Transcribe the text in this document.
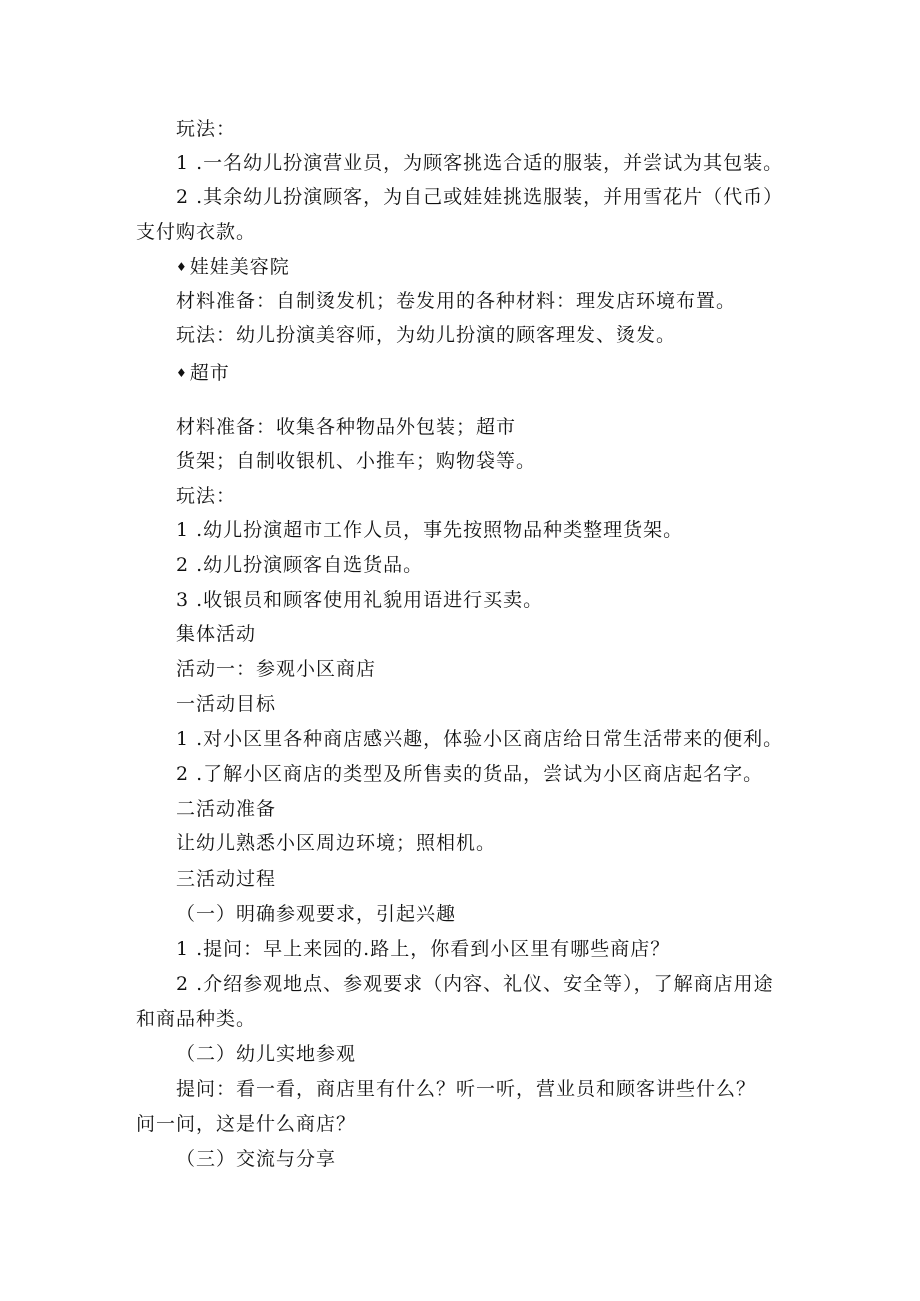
玩法：
1 .一名幼儿扮演营业员，为顾客挑选合适的服装，并尝试为其包装。
2 .其余幼儿扮演顾客，为自己或娃娃挑选服装，并用雪花片（代币）
支付购衣款。
♦ 娃娃美容院
材料准备：自制烫发机；卷发用的各种材料：理发店环境布置。
玩法：幼儿扮演美容师，为幼儿扮演的顾客理发、烫发。
♦ 超市
材料准备：收集各种物品外包装；超市
货架；自制收银机、小推车；购物袋等。
玩法：
1 .幼儿扮演超市工作人员，事先按照物品种类整理货架。
2 .幼儿扮演顾客自选货品。
3 .收银员和顾客使用礼貌用语进行买卖。
集体活动
活动一：参观小区商店
一活动目标
1 .对小区里各种商店感兴趣，体验小区商店给日常生活带来的便利。
2 .了解小区商店的类型及所售卖的货品，尝试为小区商店起名字。
二活动准备
让幼儿熟悉小区周边环境；照相机。
三活动过程
（一）明确参观要求，引起兴趣
1 .提问：早上来园的.路上，你看到小区里有哪些商店？
2 .介绍参观地点、参观要求（内容、礼仪、安全等），了解商店用途
和商品种类。
（二）幼儿实地参观
提问：看一看，商店里有什么？听一听，营业员和顾客讲些什么？
问一问，这是什么商店？
（三）交流与分享
